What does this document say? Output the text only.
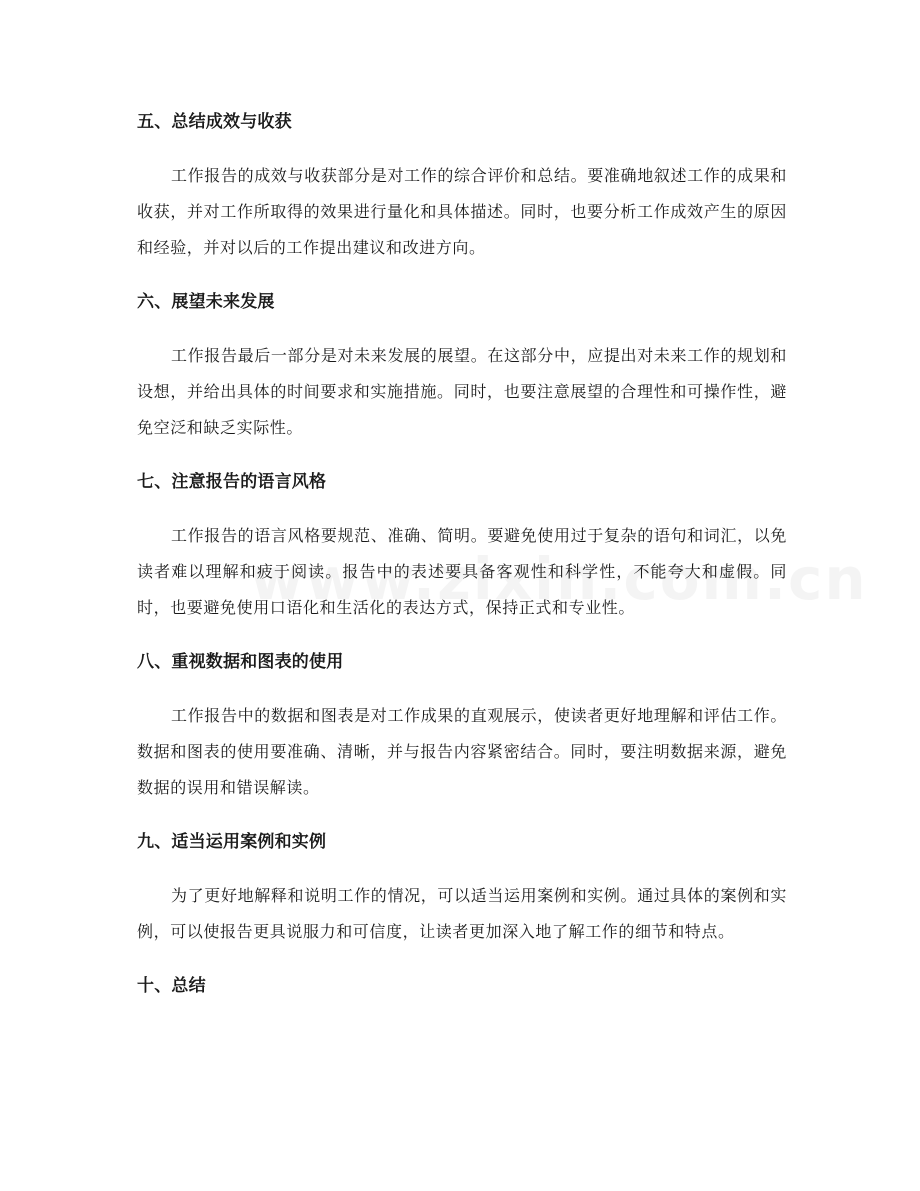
五、总结成效与收获

工作报告的成效与收获部分是对工作的综合评价和总结。要准确地叙述工作的成果和收获，并对工作所取得的效果进行量化和具体描述。同时，也要分析工作成效产生的原因和经验，并对以后的工作提出建议和改进方向。

六、展望未来发展

工作报告最后一部分是对未来发展的展望。在这部分中，应提出对未来工作的规划和设想，并给出具体的时间要求和实施措施。同时，也要注意展望的合理性和可操作性，避免空泛和缺乏实际性。

七、注意报告的语言风格

工作报告的语言风格要规范、准确、简明。要避免使用过于复杂的语句和词汇，以免读者难以理解和疲于阅读。报告中的表述要具备客观性和科学性，不能夸大和虚假。同时，也要避免使用口语化和生活化的表达方式，保持正式和专业性。

八、重视数据和图表的使用

工作报告中的数据和图表是对工作成果的直观展示，使读者更好地理解和评估工作。数据和图表的使用要准确、清晰，并与报告内容紧密结合。同时，要注明数据来源，避免数据的误用和错误解读。

九、适当运用案例和实例

为了更好地解释和说明工作的情况，可以适当运用案例和实例。通过具体的案例和实例，可以使报告更具说服力和可信度，让读者更加深入地了解工作的细节和特点。

十、总结
